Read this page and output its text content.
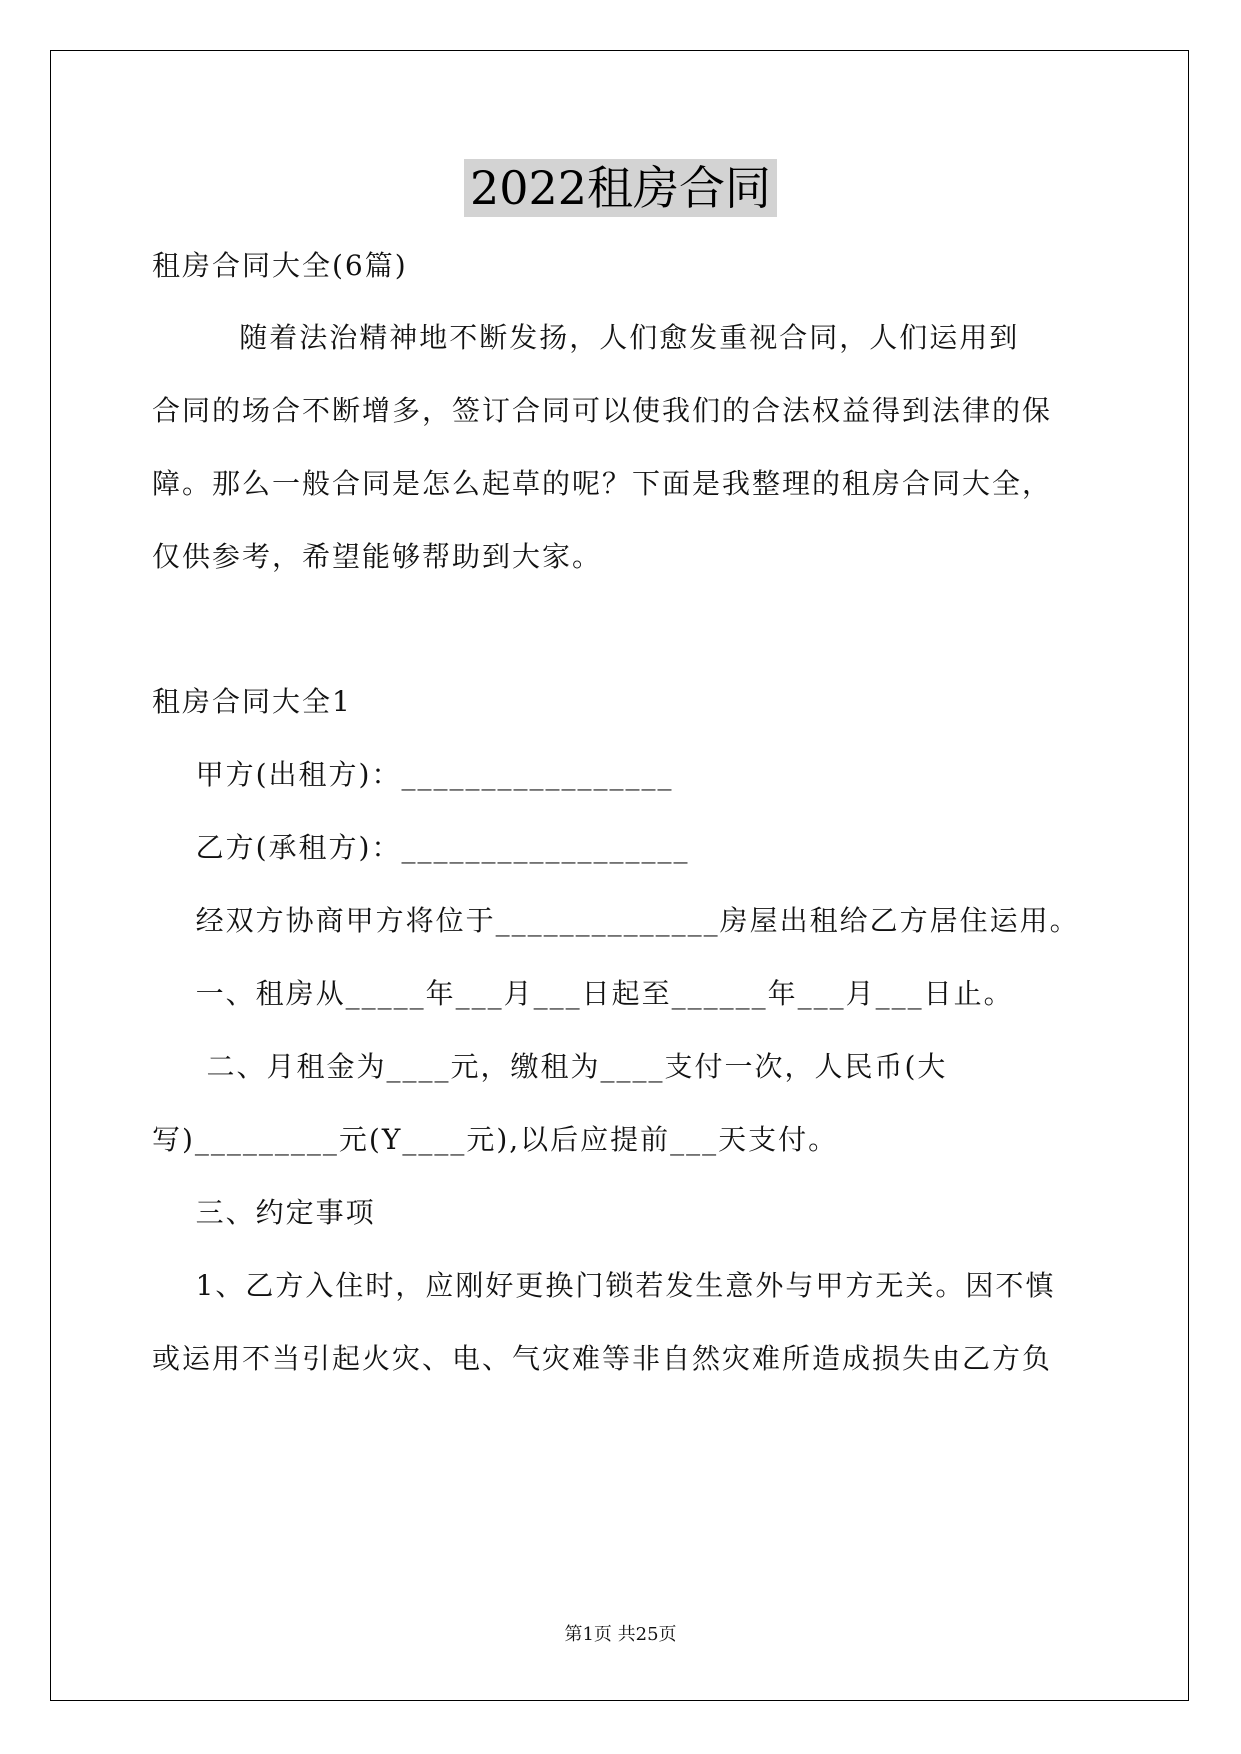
2022租房合同
租房合同大全(6篇)
随着法治精神地不断发扬，人们愈发重视合同，人们运用到
合同的场合不断增多，签订合同可以使我们的合法权益得到法律的保
障。那么一般合同是怎么起草的呢？下面是我整理的租房合同大全，
仅供参考，希望能够帮助到大家。
租房合同大全1
甲方(出租方)：_________________
乙方(承租方)：__________________
经双方协商甲方将位于______________房屋出租给乙方居住运用。
一、租房从_____年___月___日起至______年___月___日止。
二、月租金为____元，缴租为____支付一次，人民币(大
写)_________元(Y____元),以后应提前___天支付。
三、约定事项
1、乙方入住时，应刚好更换门锁若发生意外与甲方无关。因不慎
或运用不当引起火灾、电、气灾难等非自然灾难所造成损失由乙方负
第1页 共25页
